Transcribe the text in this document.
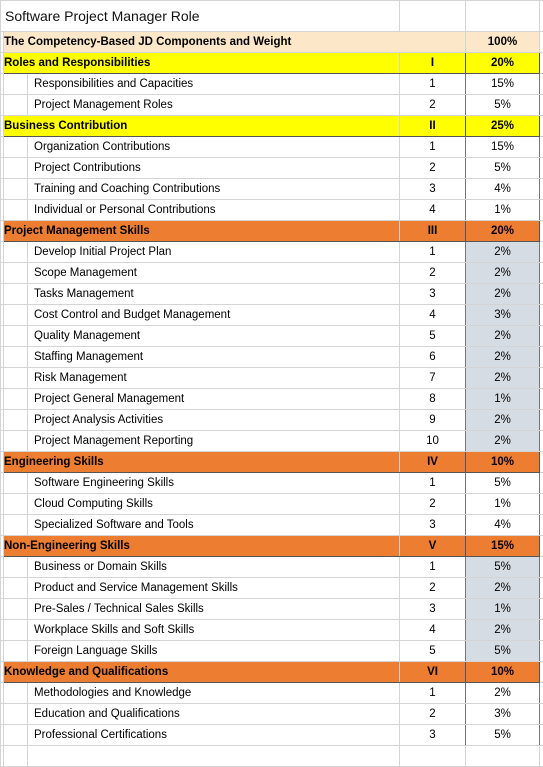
Software Project Manager Role					
	The Competency-Based JD Components and Weight			100%	
	Roles and Responsibilities		I	20%	
		Responsibilities and Capacities	1	15%	
		Project Management Roles	2	5%	
	Business Contribution		II	25%	
		Organization Contributions	1	15%	
		Project Contributions	2	5%	
		Training and Coaching Contributions	3	4%	
		Individual or Personal Contributions	4	1%	
	Project Management Skills		III	20%	
		Develop Initial Project Plan	1	2%	
		Scope Management	2	2%	
		Tasks Management	3	2%	
		Cost Control and Budget Management	4	3%	
		Quality Management	5	2%	
		Staffing Management	6	2%	
		Risk Management	7	2%	
		Project General Management	8	1%	
		Project Analysis Activities	9	2%	
		Project Management Reporting	10	2%	
	Engineering Skills		IV	10%	
		Software Engineering Skills	1	5%	
		Cloud Computing Skills	2	1%	
		Specialized Software and Tools	3	4%	
	Non-Engineering Skills		V	15%	
		Business or Domain Skills	1	5%	
		Product and Service Management Skills	2	2%	
		Pre-Sales / Technical Sales Skills	3	1%	
		Workplace Skills and Soft Skills	4	2%	
		Foreign Language Skills	5	5%	
	Knowledge and Qualifications		VI	10%	
		Methodologies and Knowledge	1	2%	
		Education and Qualifications	2	3%	
		Professional Certifications	3	5%	
